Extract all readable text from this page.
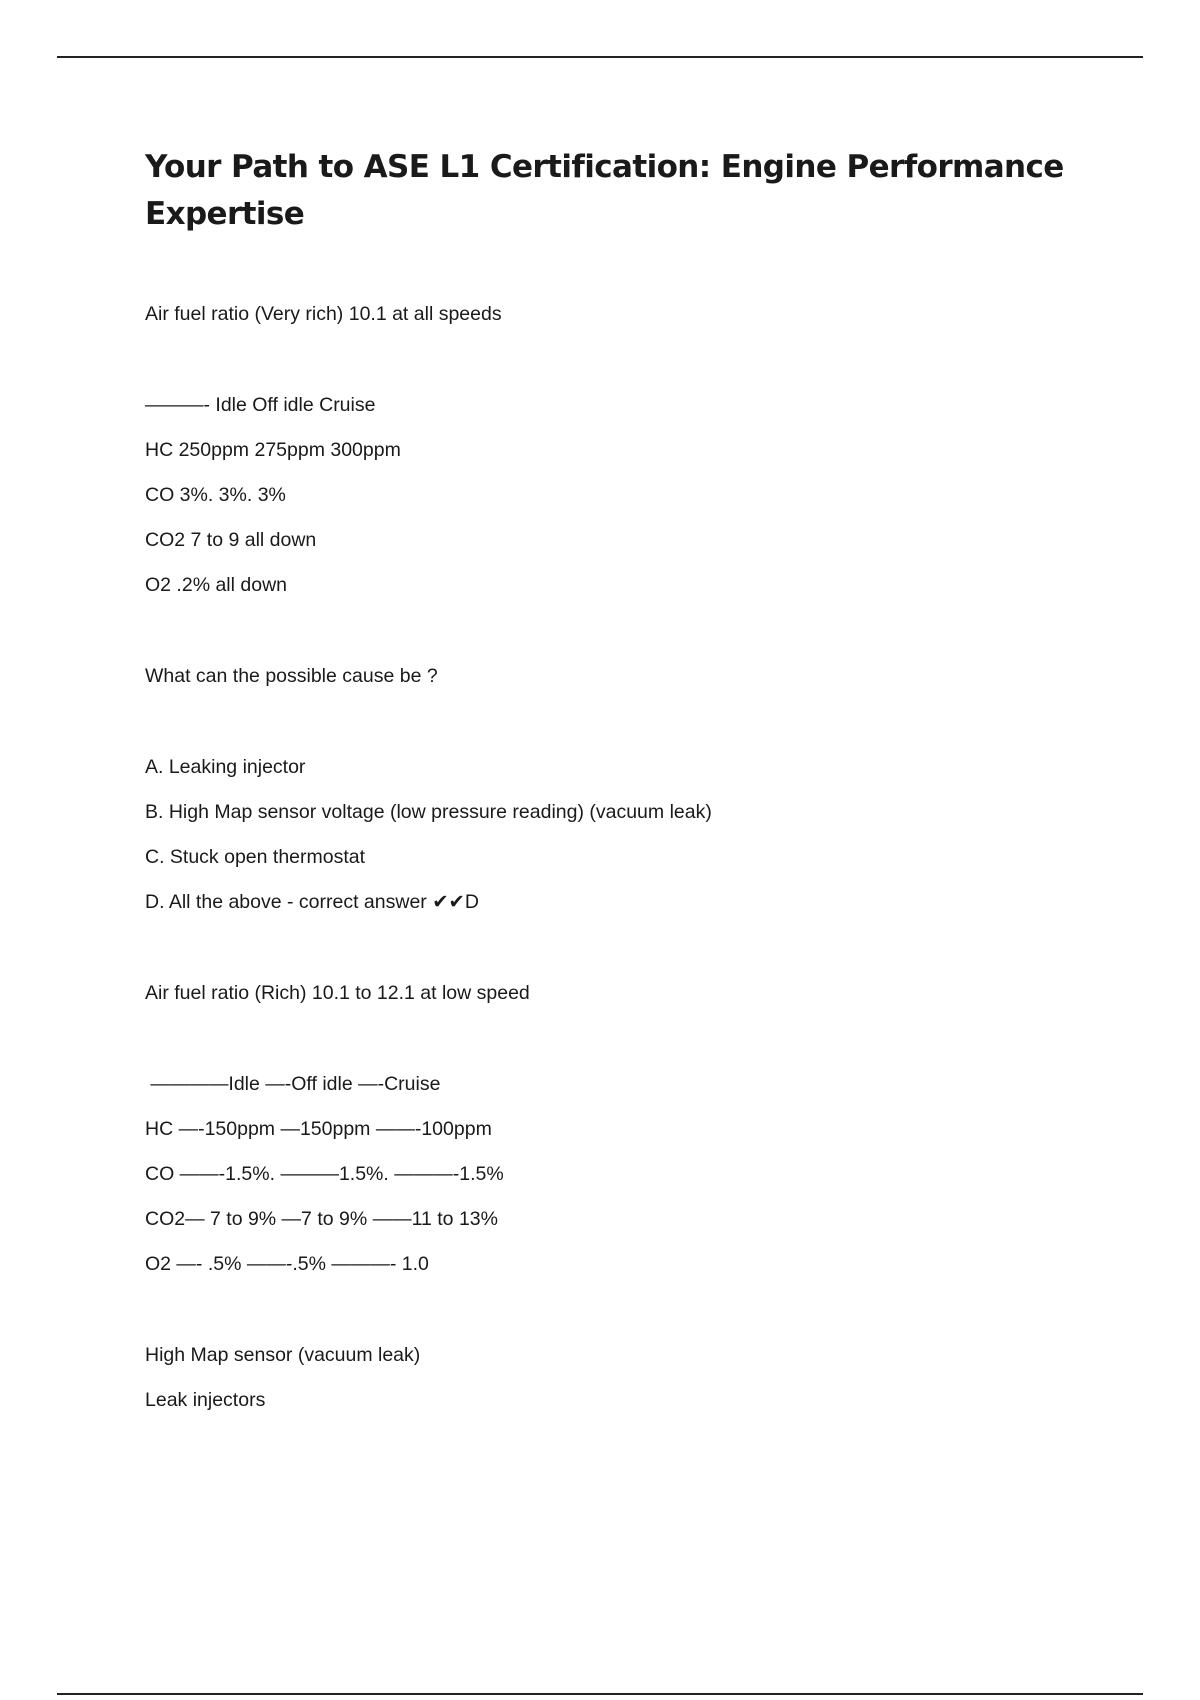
Your Path to ASE L1 Certification: Engine Performance Expertise
Air fuel ratio (Very rich) 10.1 at all speeds
———- Idle Off idle Cruise
HC 250ppm 275ppm 300ppm
CO 3%. 3%. 3%
CO2 7 to 9 all down
O2 .2% all down
What can the possible cause be ?
A. Leaking injector
B. High Map sensor voltage (low pressure reading) (vacuum leak)
C. Stuck open thermostat
D. All the above - correct answer ✔✔D
Air fuel ratio (Rich) 10.1 to 12.1 at low speed
————Idle —-Off idle —-Cruise
HC —-150ppm —150ppm ——-100ppm
CO ——-1.5%. ———1.5%. ———-1.5%
CO2— 7 to 9% —7 to 9% ——11 to 13%
O2 —- .5% ——-.5% ———- 1.0
High Map sensor (vacuum leak)
Leak injectors
